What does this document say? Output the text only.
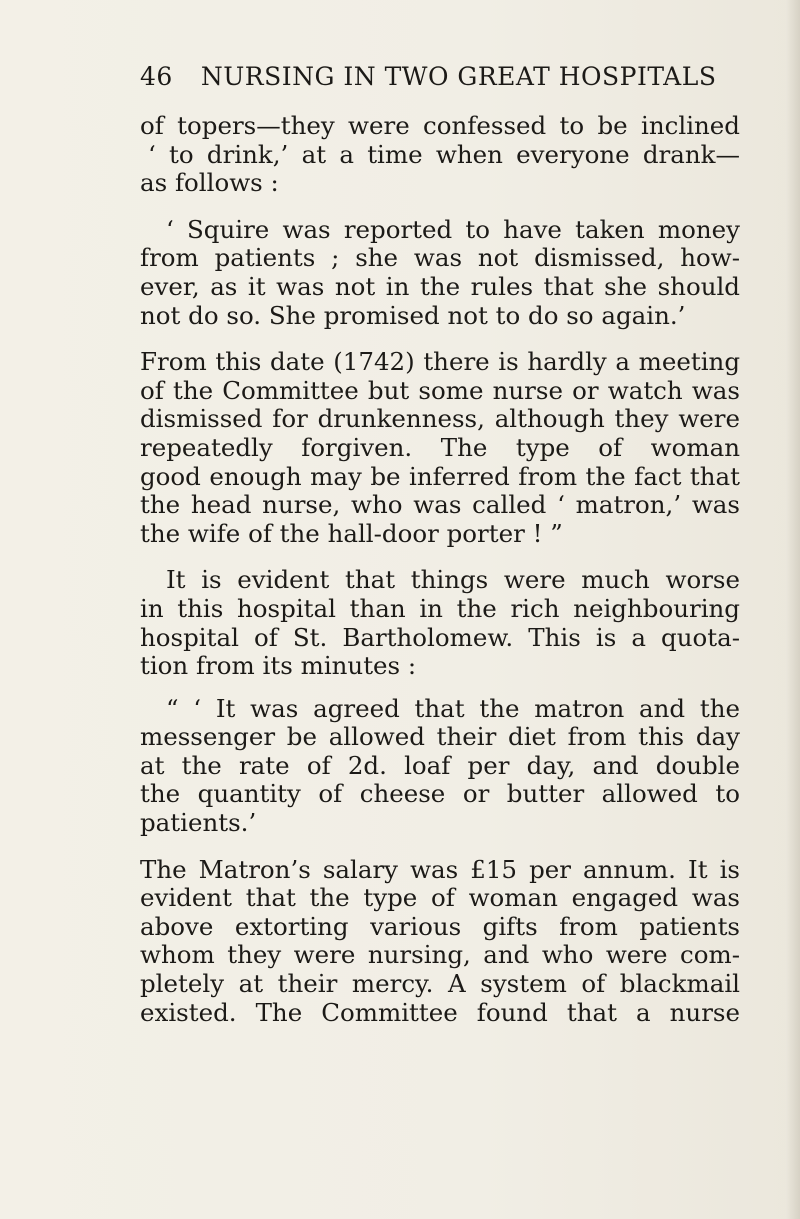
46 NURSING IN TWO GREAT HOSPITALS
of topers—they were confessed to be inclined
‘ to drink,’ at a time when everyone drank—
as follows :
‘ Squire was reported to have taken money
from patients ; she was not dismissed, how-
ever, as it was not in the rules that she should
not do so. She promised not to do so again.’
From this date (1742) there is hardly a meeting
of the Committee but some nurse or watch was
dismissed for drunkenness, although they were
repeatedly forgiven. The type of woman
good enough may be inferred from the fact that
the head nurse, who was called ‘ matron,’ was
the wife of the hall-door porter ! ”
It is evident that things were much worse
in this hospital than in the rich neighbouring
hospital of St. Bartholomew. This is a quota-
tion from its minutes :
“ ‘ It was agreed that the matron and the
messenger be allowed their diet from this day
at the rate of 2d. loaf per day, and double
the quantity of cheese or butter allowed to
patients.’
The Matron’s salary was £15 per annum. It is
evident that the type of woman engaged was
above extorting various gifts from patients
whom they were nursing, and who were com-
pletely at their mercy. A system of blackmail
existed. The Committee found that a nurse
